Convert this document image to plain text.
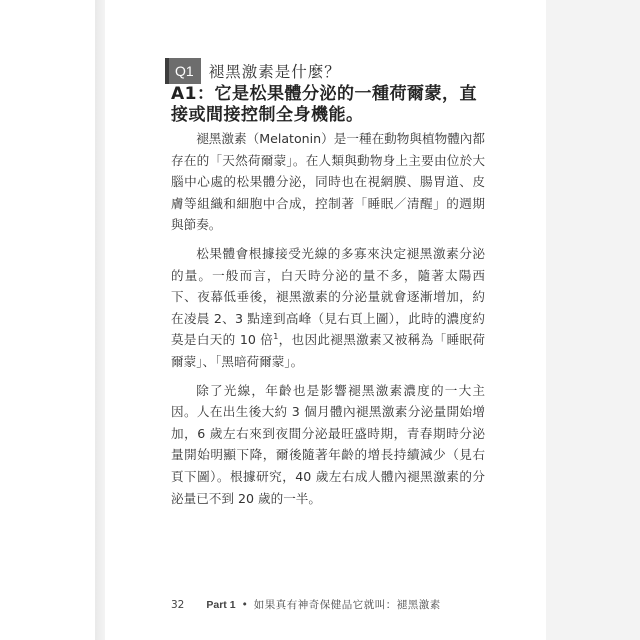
Q1 褪黑激素是什麼？
A1：它是松果體分泌的一種荷爾蒙，直接或間接控制全身機能。

褪黑激素（Melatonin）是一種在動物與植物體內都存在的「天然荷爾蒙」。在人類與動物身上主要由位於大腦中心處的松果體分泌，同時也在視網膜、腸胃道、皮膚等組織和細胞中合成，控制著「睡眠／清醒」的週期與節奏。

松果體會根據接受光線的多寡來決定褪黑激素分泌的量。一般而言，白天時分泌的量不多，隨著太陽西下、夜幕低垂後，褪黑激素的分泌量就會逐漸增加，約在凌晨 2、3 點達到高峰（見右頁上圖），此時的濃度約莫是白天的 10 倍$^1$，也因此褪黑激素又被稱為「睡眠荷爾蒙」、「黑暗荷爾蒙」。

除了光線，年齡也是影響褪黑激素濃度的一大主因。人在出生後大約 3 個月體內褪黑激素分泌量開始增加，6 歲左右來到夜間分泌最旺盛時期，青春期時分泌量開始明顯下降，爾後隨著年齡的增長持續減少（見右頁下圖）。根據研究，40 歲左右成人體內褪黑激素的分泌量已不到 20 歲的一半。

32 Part 1 • 如果真有神奇保健品它就叫：褪黑激素
